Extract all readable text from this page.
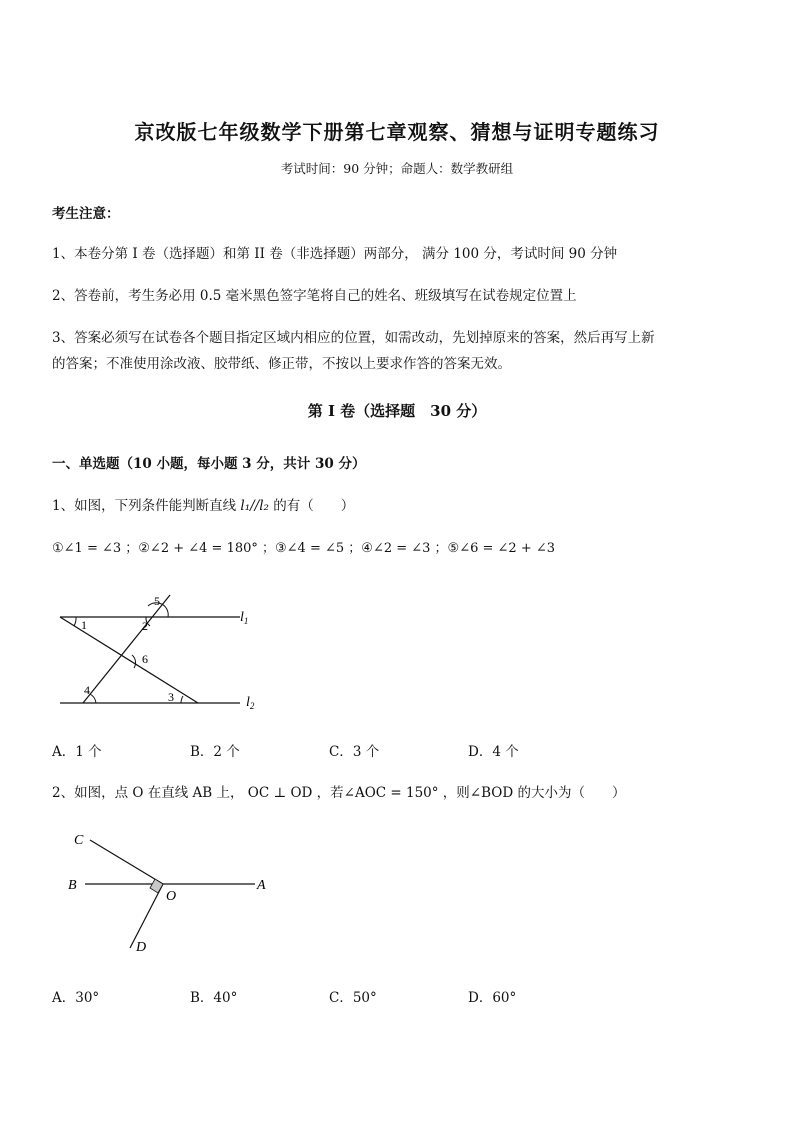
京改版七年级数学下册第七章观察、猜想与证明专题练习
考试时间：90 分钟；命题人：数学教研组
考生注意：
1、本卷分第 I 卷（选择题）和第 II 卷（非选择题）两部分， 满分 100 分，考试时间 90 分钟
2、答卷前，考生务必用 0.5 毫米黑色签字笔将自己的姓名、班级填写在试卷规定位置上
3、答案必须写在试卷各个题目指定区域内相应的位置，如需改动，先划掉原来的答案，然后再写上新
的答案；不准使用涂改液、胶带纸、修正带，不按以上要求作答的答案无效。
第 I 卷（选择题　30 分）
一、单选题（10 小题，每小题 3 分，共计 30 分）
1、如图，下列条件能判断直线 l₁//l₂ 的有（　　）
①∠1 = ∠3 ；②∠2 + ∠4 = 180° ；③∠4 = ∠5 ；④∠2 = ∠3 ；⑤∠6 = ∠2 + ∠3
1	2
5
6
4	3
$l_1$
$l_2$
A．1 个	B．2 个	C．3 个	D．4 个
2、如图，点 O 在直线 AB 上， OC ⊥ OD ，若∠AOC = 150° ，则∠BOD 的大小为（　　）
C
B
O
A
D
A．30°	B．40°	C．50°	D．60°
